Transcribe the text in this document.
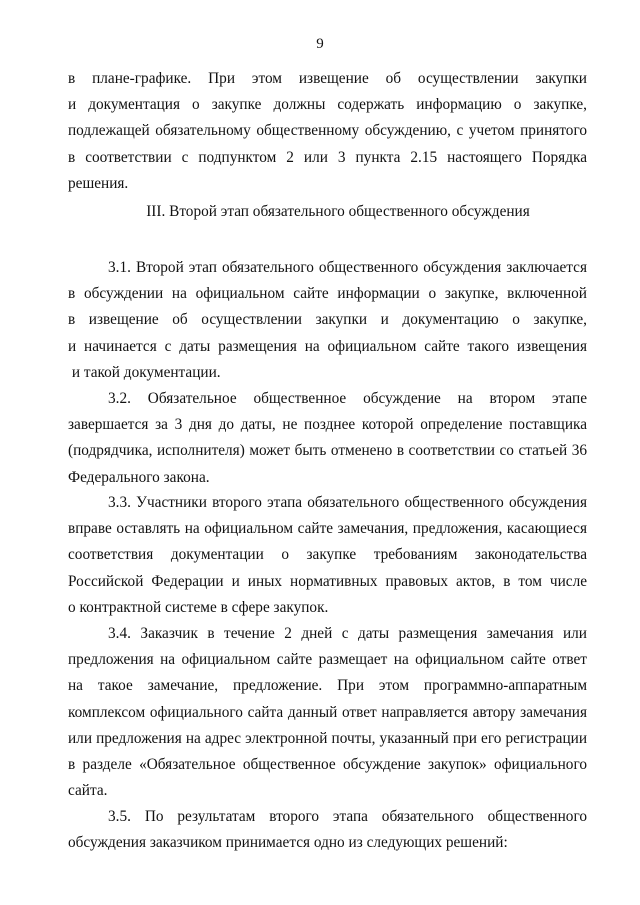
9
в плане-графике. При этом извещение об осуществлении закупки
и документация о закупке должны содержать информацию о закупке,
подлежащей обязательному общественному обсуждению, с учетом принятого
в соответствии с подпунктом 2 или 3 пункта 2.15 настоящего Порядка решения.
III. Второй этап обязательного общественного обсуждения
3.1. Второй этап обязательного общественного обсуждения заключается
в обсуждении на официальном сайте информации о закупке, включенной
в извещение об осуществлении закупки и документацию о закупке,
и начинается с даты размещения на официальном сайте такого извещения
и такой документации.
3.2. Обязательное общественное обсуждение на втором этапе
завершается за 3 дня до даты, не позднее которой определение поставщика
(подрядчика, исполнителя) может быть отменено в соответствии со статьей 36
Федерального закона.
3.3. Участники второго этапа обязательного общественного обсуждения
вправе оставлять на официальном сайте замечания, предложения, касающиеся
соответствия документации о закупке требованиям законодательства
Российской Федерации и иных нормативных правовых актов, в том числе
о контрактной системе в сфере закупок.
3.4. Заказчик в течение 2 дней с даты размещения замечания или
предложения на официальном сайте размещает на официальном сайте ответ
на такое замечание, предложение. При этом программно-аппаратным
комплексом официального сайта данный ответ направляется автору замечания
или предложения на адрес электронной почты, указанный при его регистрации
в разделе «Обязательное общественное обсуждение закупок» официального
сайта.
3.5. По результатам второго этапа обязательного общественного
обсуждения заказчиком принимается одно из следующих решений:
